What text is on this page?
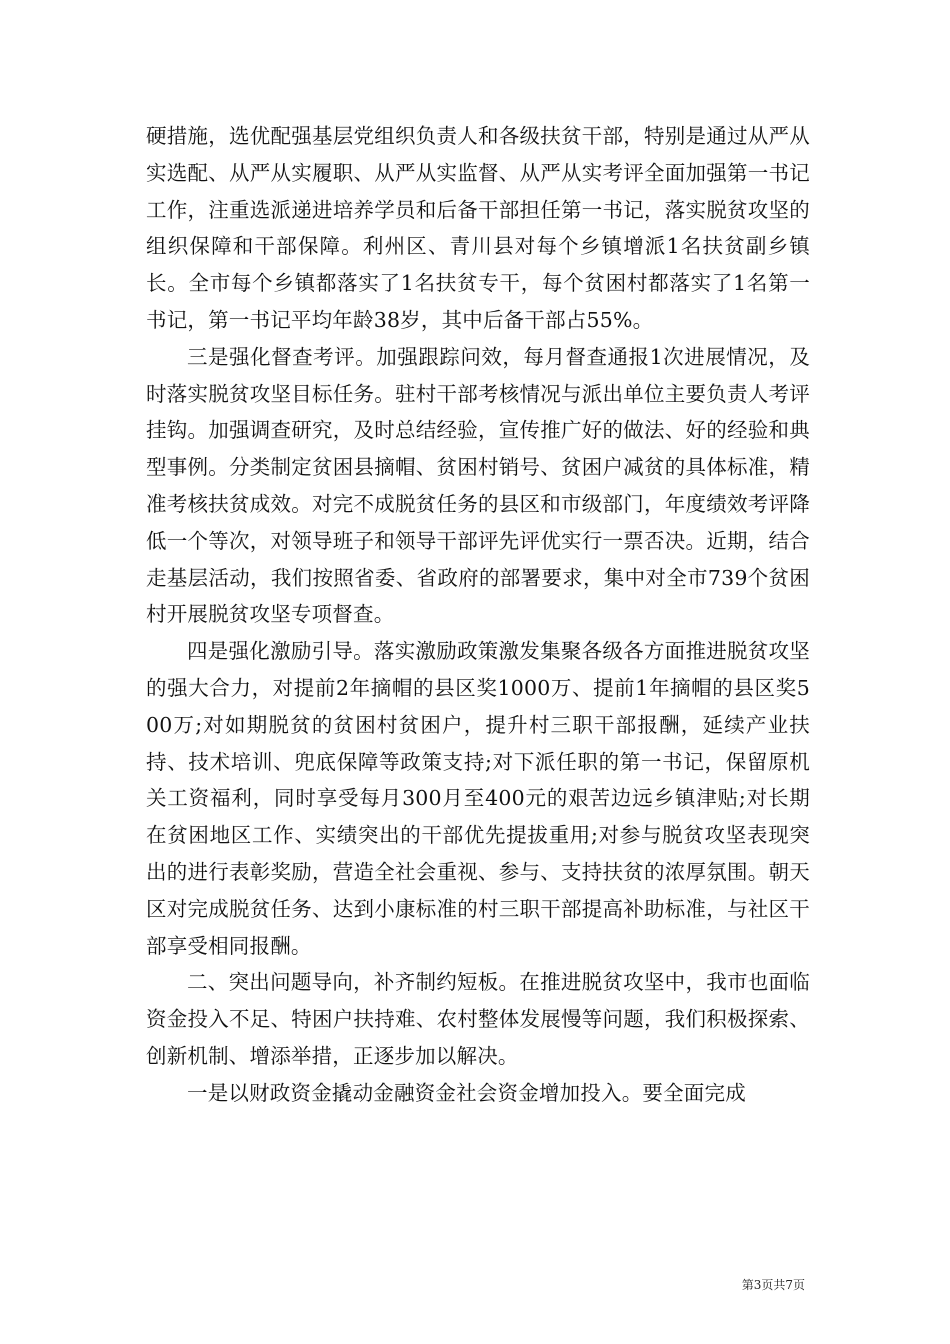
硬措施，选优配强基层党组织负责人和各级扶贫干部，特别是通过从严从实选配、从严从实履职、从严从实监督、从严从实考评全面加强第一书记工作，注重选派递进培养学员和后备干部担任第一书记，落实脱贫攻坚的组织保障和干部保障。利州区、青川县对每个乡镇增派1名扶贫副乡镇长。全市每个乡镇都落实了1名扶贫专干，每个贫困村都落实了1名第一书记，第一书记平均年龄38岁，其中后备干部占55%。

三是强化督查考评。加强跟踪问效，每月督查通报1次进展情况，及时落实脱贫攻坚目标任务。驻村干部考核情况与派出单位主要负责人考评挂钩。加强调查研究，及时总结经验，宣传推广好的做法、好的经验和典型事例。分类制定贫困县摘帽、贫困村销号、贫困户减贫的具体标准，精准考核扶贫成效。对完不成脱贫任务的县区和市级部门，年度绩效考评降低一个等次，对领导班子和领导干部评先评优实行一票否决。近期，结合走基层活动，我们按照省委、省政府的部署要求，集中对全市739个贫困村开展脱贫攻坚专项督查。

四是强化激励引导。落实激励政策激发集聚各级各方面推进脱贫攻坚的强大合力，对提前2年摘帽的县区奖1000万、提前1年摘帽的县区奖500万;对如期脱贫的贫困村贫困户，提升村三职干部报酬，延续产业扶持、技术培训、兜底保障等政策支持;对下派任职的第一书记，保留原机关工资福利，同时享受每月300月至400元的艰苦边远乡镇津贴;对长期在贫困地区工作、实绩突出的干部优先提拔重用;对参与脱贫攻坚表现突出的进行表彰奖励，营造全社会重视、参与、支持扶贫的浓厚氛围。朝天区对完成脱贫任务、达到小康标准的村三职干部提高补助标准，与社区干部享受相同报酬。

二、突出问题导向，补齐制约短板。在推进脱贫攻坚中，我市也面临资金投入不足、特困户扶持难、农村整体发展慢等问题，我们积极探索、创新机制、增添举措，正逐步加以解决。

一是以财政资金撬动金融资金社会资金增加投入。要全面完成

第3页共7页
